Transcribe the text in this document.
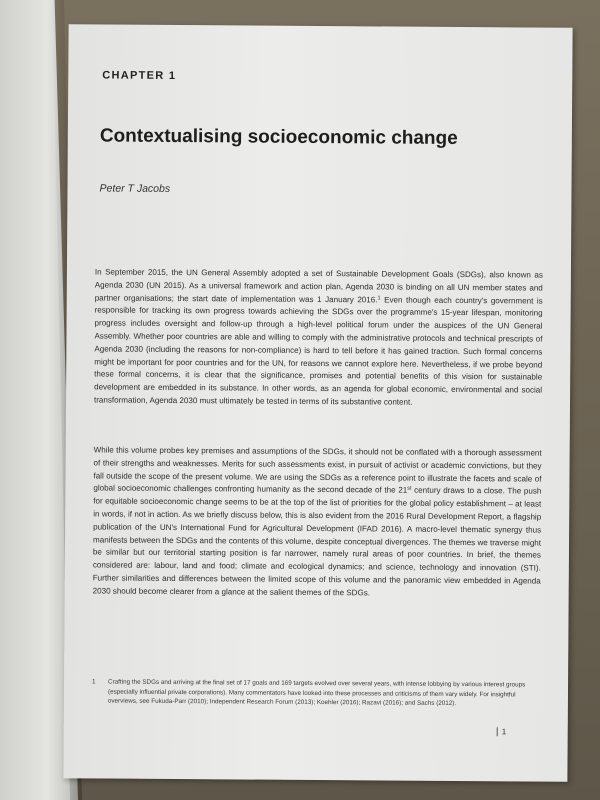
CHAPTER 1
Contextualising socioeconomic change
Peter T Jacobs

In September 2015, the UN General Assembly adopted a set of Sustainable Development Goals (SDGs), also known as Agenda 2030 (UN 2015). As a universal framework and action plan, Agenda 2030 is binding on all UN member states and partner organisations; the start date of implementation was 1 January 2016.$^1$ Even though each country's government is responsible for tracking its own progress towards achieving the SDGs over the programme's 15-year lifespan, monitoring progress includes oversight and follow-up through a high-level political forum under the auspices of the UN General Assembly. Whether poor countries are able and willing to comply with the administrative protocols and technical prescripts of Agenda 2030 (including the reasons for non-compliance) is hard to tell before it has gained traction. Such formal concerns might be important for poor countries and for the UN, for reasons we cannot explore here. Nevertheless, if we probe beyond these formal concerns, it is clear that the significance, promises and potential benefits of this vision for sustainable development are embedded in its substance. In other words, as an agenda for global economic, environmental and social transformation, Agenda 2030 must ultimately be tested in terms of its substantive content.

While this volume probes key premises and assumptions of the SDGs, it should not be conflated with a thorough assessment of their strengths and weaknesses. Merits for such assessments exist, in pursuit of activist or academic convictions, but they fall outside the scope of the present volume. We are using the SDGs as a reference point to illustrate the facets and scale of global socioeconomic challenges confronting humanity as the second decade of the 21st century draws to a close. The push for equitable socioeconomic change seems to be at the top of the list of priorities for the global policy establishment – at least in words, if not in action. As we briefly discuss below, this is also evident from the 2016 Rural Development Report, a flagship publication of the UN's International Fund for Agricultural Development (IFAD 2016). A macro-level thematic synergy thus manifests between the SDGs and the contents of this volume, despite conceptual divergences. The themes we traverse might be similar but our territorial starting position is far narrower, namely rural areas of poor countries. In brief, the themes considered are: labour, land and food; climate and ecological dynamics; and science, technology and innovation (STI). Further similarities and differences between the limited scope of this volume and the panoramic view embedded in Agenda 2030 should become clearer from a glance at the salient themes of the SDGs.

1	Crafting the SDGs and arriving at the final set of 17 goals and 169 targets evolved over several years, with intense lobbying by various interest groups (especially influential private corporations). Many commentators have looked into these processes and criticisms of them vary widely. For insightful overviews, see Fukuda-Parr (2010); Independent Research Forum (2013); Koehler (2016); Razavi (2016); and Sachs (2012).
1
